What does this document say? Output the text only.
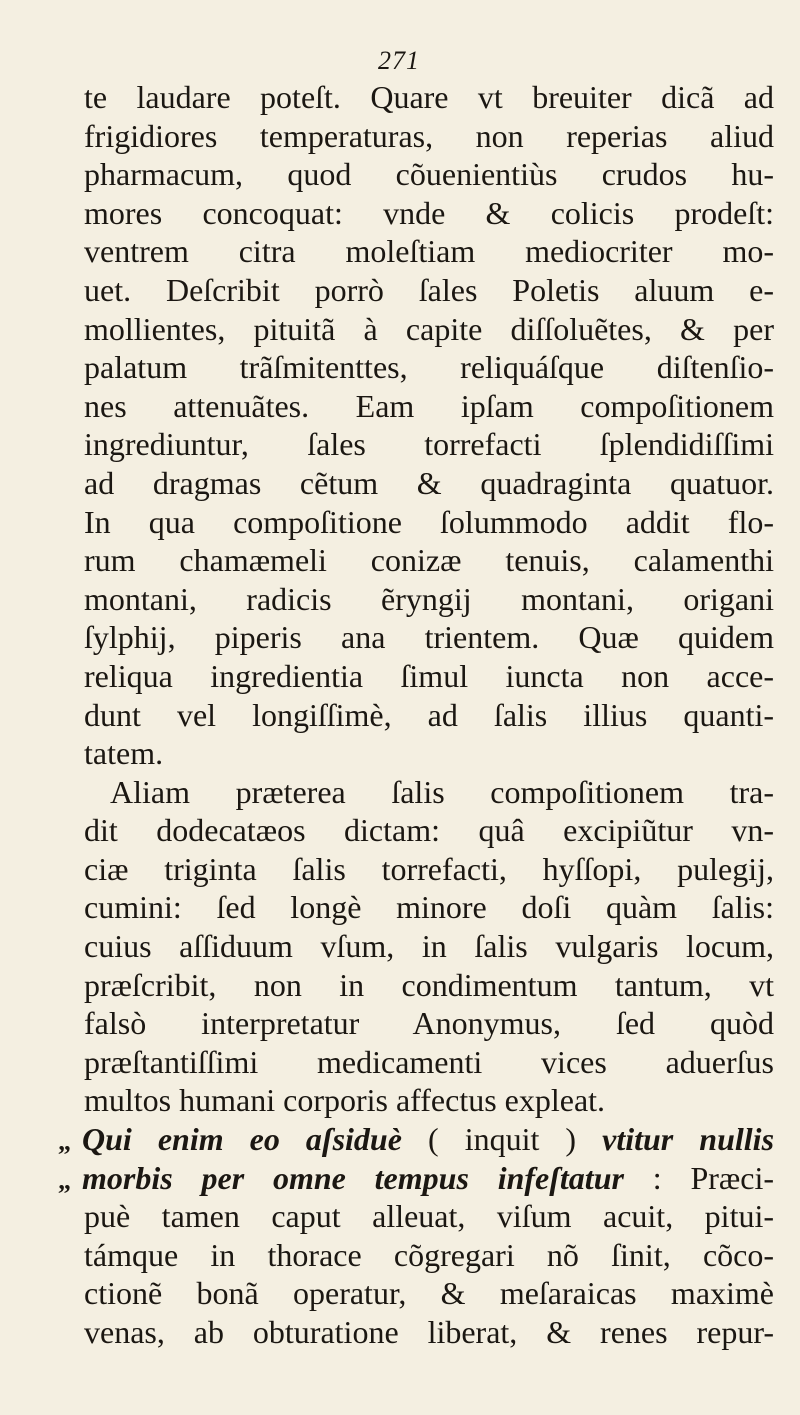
271
te laudare poteſt. Quare vt breuiter dicã ad
frigidiores temperaturas, non reperias aliud
pharmacum, quod cõuenientiùs crudos hu-
mores concoquat: vnde & colicis prodeſt:
ventrem citra moleſtiam mediocriter mo-
uet. Deſcribit porrò ſales Poletis aluum e-
mollientes, pituitã à capite diſſoluẽtes, & per
palatum trãſmitenttes, reliquáſque diſtenſio-
nes attenuãtes. Eam ipſam compoſitionem
ingrediuntur, ſales torrefacti ſplendidiſſimi
ad dragmas cẽtum & quadraginta quatuor.
In qua compoſitione ſolummodo addit flo-
rum chamæmeli conizæ tenuis, calamenthi
montani, radicis ẽryngij montani, origani
ſylphij, piperis ana trientem. Quæ quidem
reliqua ingredientia ſimul iuncta non acce-
dunt vel longiſſimè, ad ſalis illius quanti-
tatem.
Aliam præterea ſalis compoſitionem tra-
dit dodecatæos dictam: quâ excipiũtur vn-
ciæ triginta ſalis torrefacti, hyſſopi, pulegij,
cumini: ſed longè minore doſi quàm ſalis:
cuius aſſiduum vſum, in ſalis vulgaris locum,
præſcribit, non in condimentum tantum, vt
falsò interpretatur Anonymus, ſed quòd
præſtantiſſimi medicamenti vices aduerſus
multos humani corporis affectus expleat.
„ Qui enim eo aſsiduè ( inquit ) vtitur nullis
„ morbis per omne tempus infeſtatur : Præci-
puè tamen caput alleuat, viſum acuit, pitui-
támque in thorace cõgregari nõ ſinit, cõco-
ctionẽ bonã operatur, & meſaraicas maximè
venas, ab obturatione liberat, & renes repur-
